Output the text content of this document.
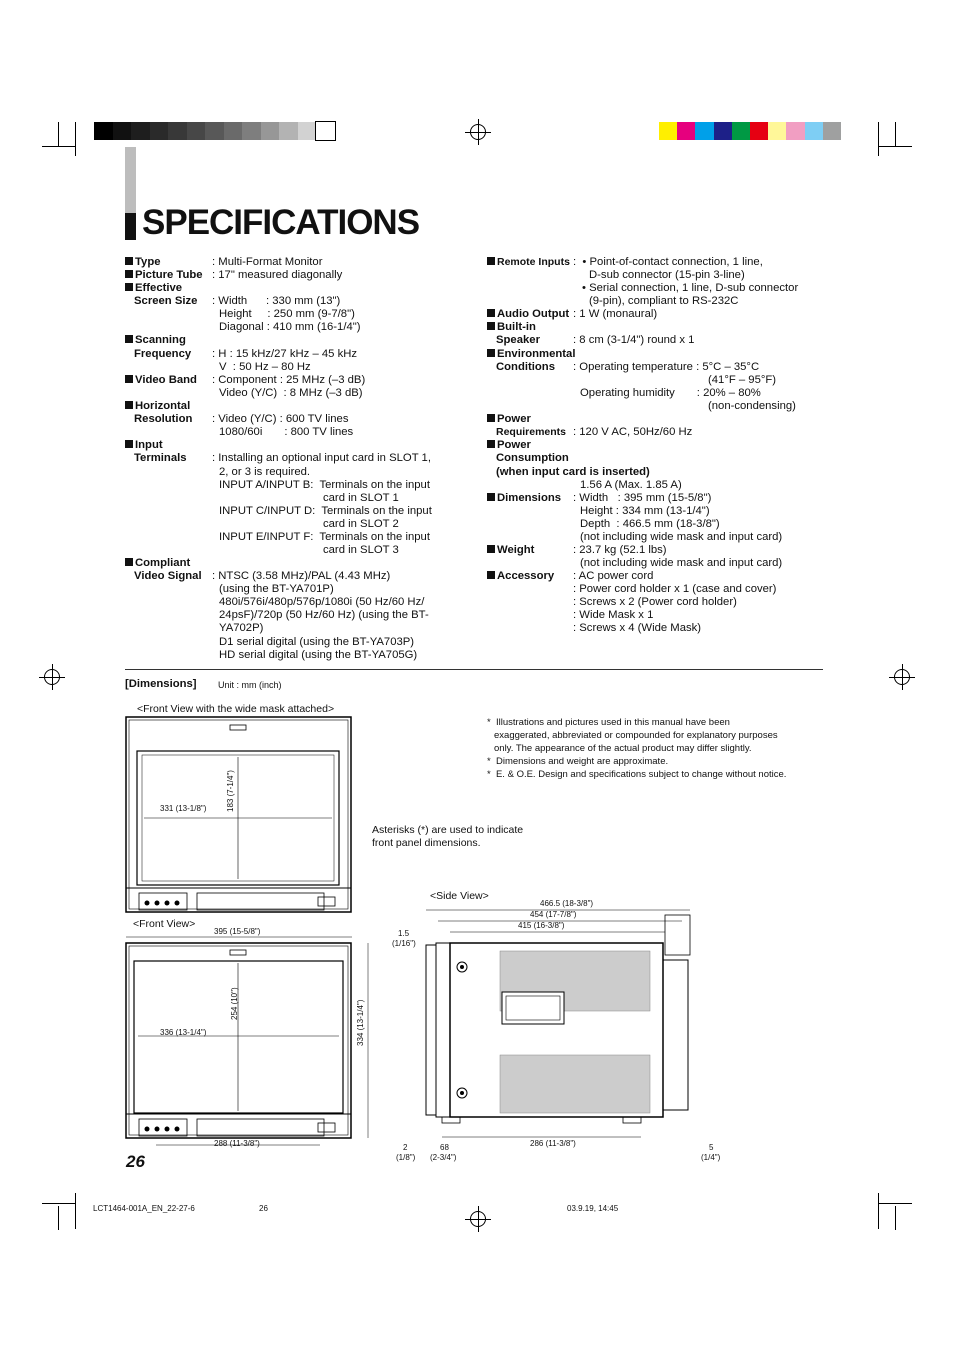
SPECIFICATIONS
Type	: Multi-Format Monitor
Picture Tube : 17" measured diagonally
Effective
Screen Size : Width      : 330 mm (13")
Height     : 250 mm (9-7/8")
Diagonal : 410 mm (16-1/4")
Scanning
Frequency : H : 15 kHz/27 kHz – 45 kHz
V  : 50 Hz – 80 Hz
Video Band : Component : 25 MHz (–3 dB)
Video (Y/C)  : 8 MHz (–3 dB)
Horizontal
Resolution : Video (Y/C) : 600 TV lines
1080/60i       : 800 TV lines
Input
Terminals : Installing an optional input card in SLOT 1,
2, or 3 is required.
INPUT A/INPUT B:  Terminals on the input
card in SLOT 1
INPUT C/INPUT D:  Terminals on the input
card in SLOT 2
INPUT E/INPUT F:  Terminals on the input
card in SLOT 3
Compliant
Video Signal : NTSC (3.58 MHz)/PAL (4.43 MHz)
(using the BT-YA701P)
480i/576i/480p/576p/1080i (50 Hz/60 Hz/
24psF)/720p (50 Hz/60 Hz) (using the BT-
YA702P)
D1 serial digital (using the BT-YA703P)
HD serial digital (using the BT-YA705G)
Remote Inputs :  • Point-of-contact connection, 1 line,
D-sub connector (15-pin 3-line)
• Serial connection, 1 line, D-sub connector
(9-pin), compliant to RS-232C
Audio Output : 1 W (monaural)
Built-in
Speaker	: 8 cm (3-1/4") round x 1
Environmental
Conditions : Operating temperature : 5°C – 35°C
(41°F – 95°F)
Operating humidity       : 20% – 80%
(non-condensing)
Power
Requirements : 120 V AC, 50Hz/60 Hz
Power
Consumption
(when input card is inserted)
1.56 A (Max. 1.85 A)
Dimensions : Width   : 395 mm (15-5/8")
Height : 334 mm (13-1/4")
Depth  : 466.5 mm (18-3/8")
(not including wide mask and input card)
Weight	: 23.7 kg (52.1 lbs)
(not including wide mask and input card)
Accessory : AC power cord
: Power cord holder x 1 (case and cover)
: Screws x 2 (Power cord holder)
: Wide Mask x 1
: Screws x 4 (Wide Mask)
[Dimensions] Unit : mm (inch)
<Front View with the wide mask attached>
*  Illustrations and pictures used in this manual have been
exaggerated, abbreviated or compounded for explanatory purposes
only. The appearance of the actual product may differ slightly.
*  Dimensions and weight are approximate.
*  E. & O.E. Design and specifications subject to change without notice.
Asterisks (*) are used to indicate
front panel dimensions.
331 (13-1/8") 183 (7-1/4")
<Front View>
395 (15-5/8")
336 (13-1/4")
254 (10")	334 (13-1/4")
288 (11-3/8")
<Side View>
466.5 (18-3/8")
454 (17-7/8")
415 (16-3/8")
1.5
(1/16")
2
(1/8")
68
(2-3/4")
286 (11-3/8")	5
(1/4")
26
LCT1464-001A_EN_22-27-6	26	03.9.19, 14:45
